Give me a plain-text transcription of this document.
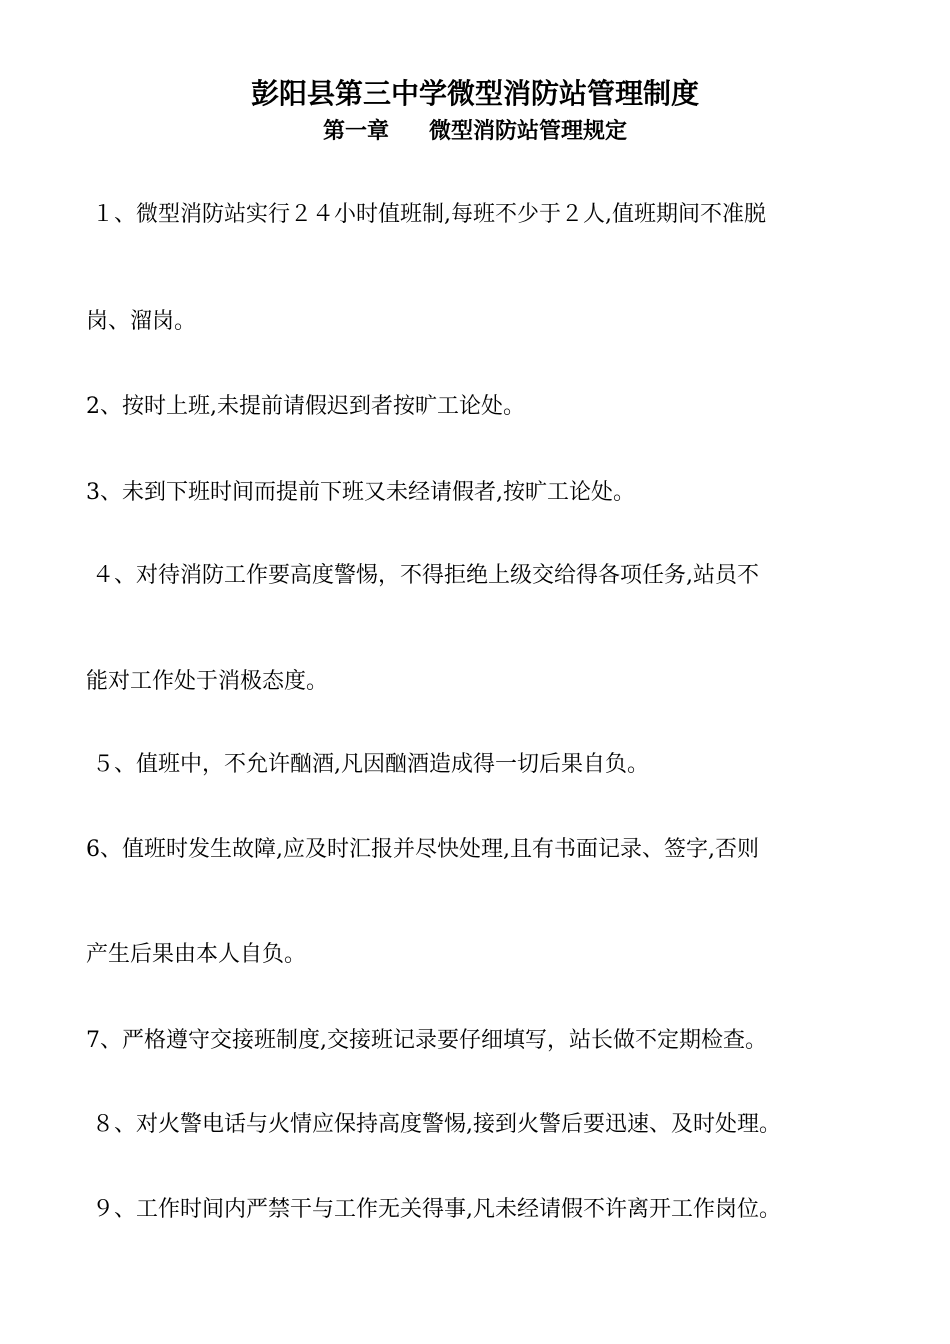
彭阳县第三中学微型消防站管理制度
第一章 微型消防站管理规定
１、微型消防站实行２４小时值班制,每班不少于２人,值班期间不准脱
岗、溜岗。
2、按时上班,未提前请假迟到者按旷工论处。
3、未到下班时间而提前下班又未经请假者,按旷工论处。
４、对待消防工作要高度警惕，不得拒绝上级交给得各项任务,站员不
能对工作处于消极态度。
５、值班中，不允许酗酒,凡因酗酒造成得一切后果自负。
6、值班时发生故障,应及时汇报并尽快处理,且有书面记录、签字,否则
产生后果由本人自负。
7、严格遵守交接班制度,交接班记录要仔细填写，站长做不定期检查。
８、对火警电话与火情应保持高度警惕,接到火警后要迅速、及时处理。
９、工作时间内严禁干与工作无关得事,凡未经请假不许离开工作岗位。
